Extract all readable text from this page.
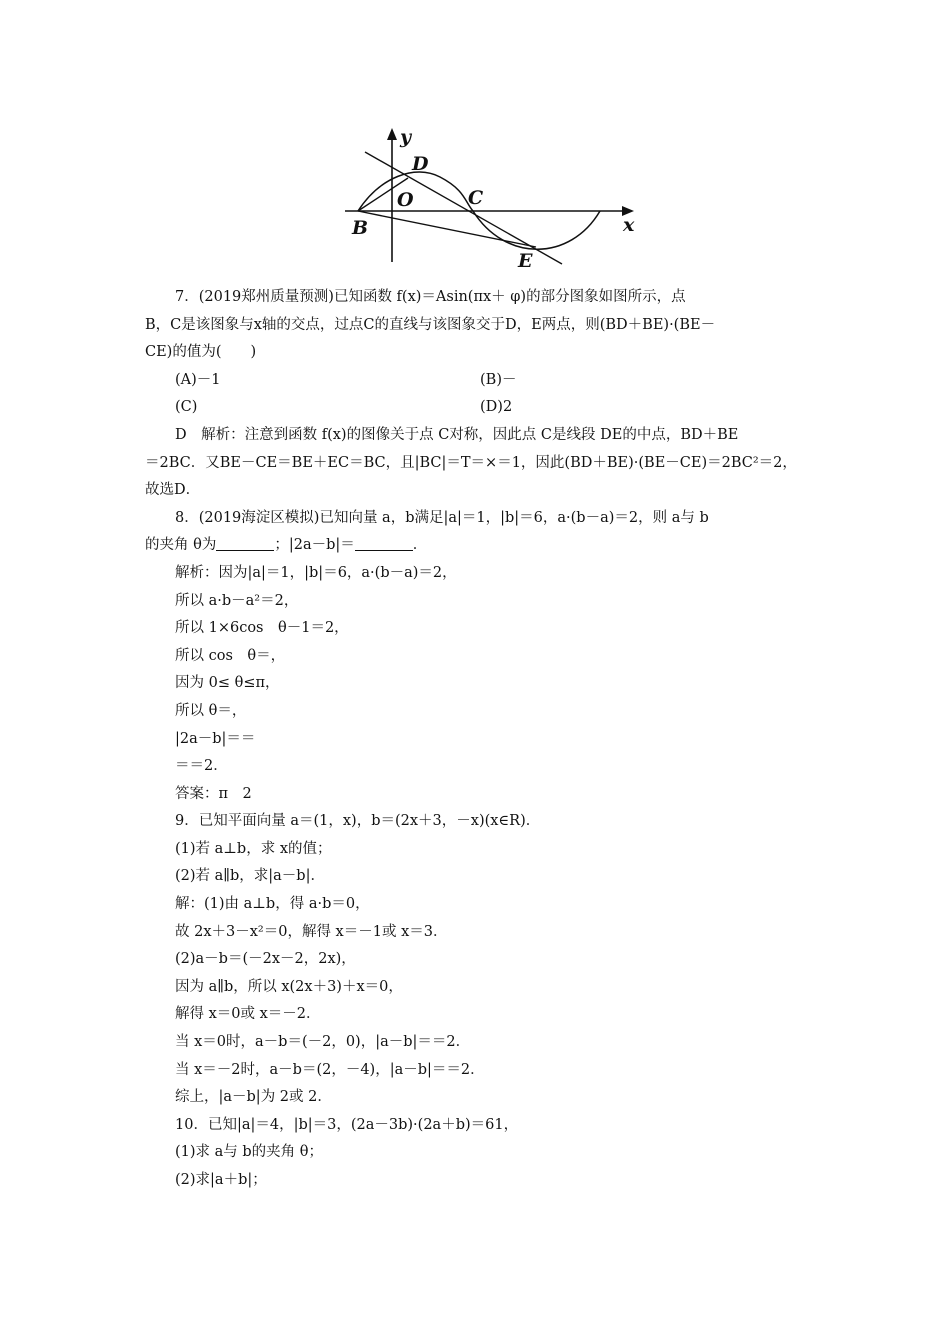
y
D
O	C
B	x
E
7．(2019郑州质量预测)已知函数 f(x)＝Asin(πx＋ φ)的部分图象如图所示，点
B，C是该图象与x轴的交点，过点C的直线与该图象交于D，E两点，则(BD＋BE)·(BE－
CE)的值为(　　)
(A)－1	(B)－
(C)	(D)2
D　解析：注意到函数 f(x)的图像关于点 C对称，因此点 C是线段 DE的中点，BD＋BE
＝2BC．又BE－CE＝BE＋EC＝BC，且|BC|＝T＝×＝1，因此(BD＋BE)·(BE－CE)＝2BC²＝2，
故选D．
8．(2019海淀区模拟)已知向量 a，b满足|a|＝1，|b|＝6，a·(b－a)＝2，则 a与 b
的夹角 θ为	；|2a－b|＝	．
解析：因为|a|＝1，|b|＝6，a·(b－a)＝2，
所以 a·b－a²＝2，
所以 1×6cos　θ－1＝2，
所以 cos　θ＝，
因为 0≤ θ≤π，
所以 θ＝，
|2a－b|＝＝
＝＝2．
答案：π　2
9．已知平面向量 a＝(1，x)，b＝(2x＋3，－x)(x∈R)．
(1)若 a⊥b，求 x的值；
(2)若 a∥b，求|a－b|．
解：(1)由 a⊥b，得 a·b＝0，
故 2x＋3－x²＝0，解得 x＝－1或 x＝3．
(2)a－b＝(－2x－2，2x)，
因为 a∥b，所以 x(2x＋3)＋x＝0，
解得 x＝0或 x＝－2．
当 x＝0时，a－b＝(－2，0)，|a－b|＝＝2．
当 x＝－2时，a－b＝(2，－4)，|a－b|＝＝2．
综上，|a－b|为 2或 2．
10．已知|a|＝4，|b|＝3，(2a－3b)·(2a＋b)＝61，
(1)求 a与 b的夹角 θ；
(2)求|a＋b|；
